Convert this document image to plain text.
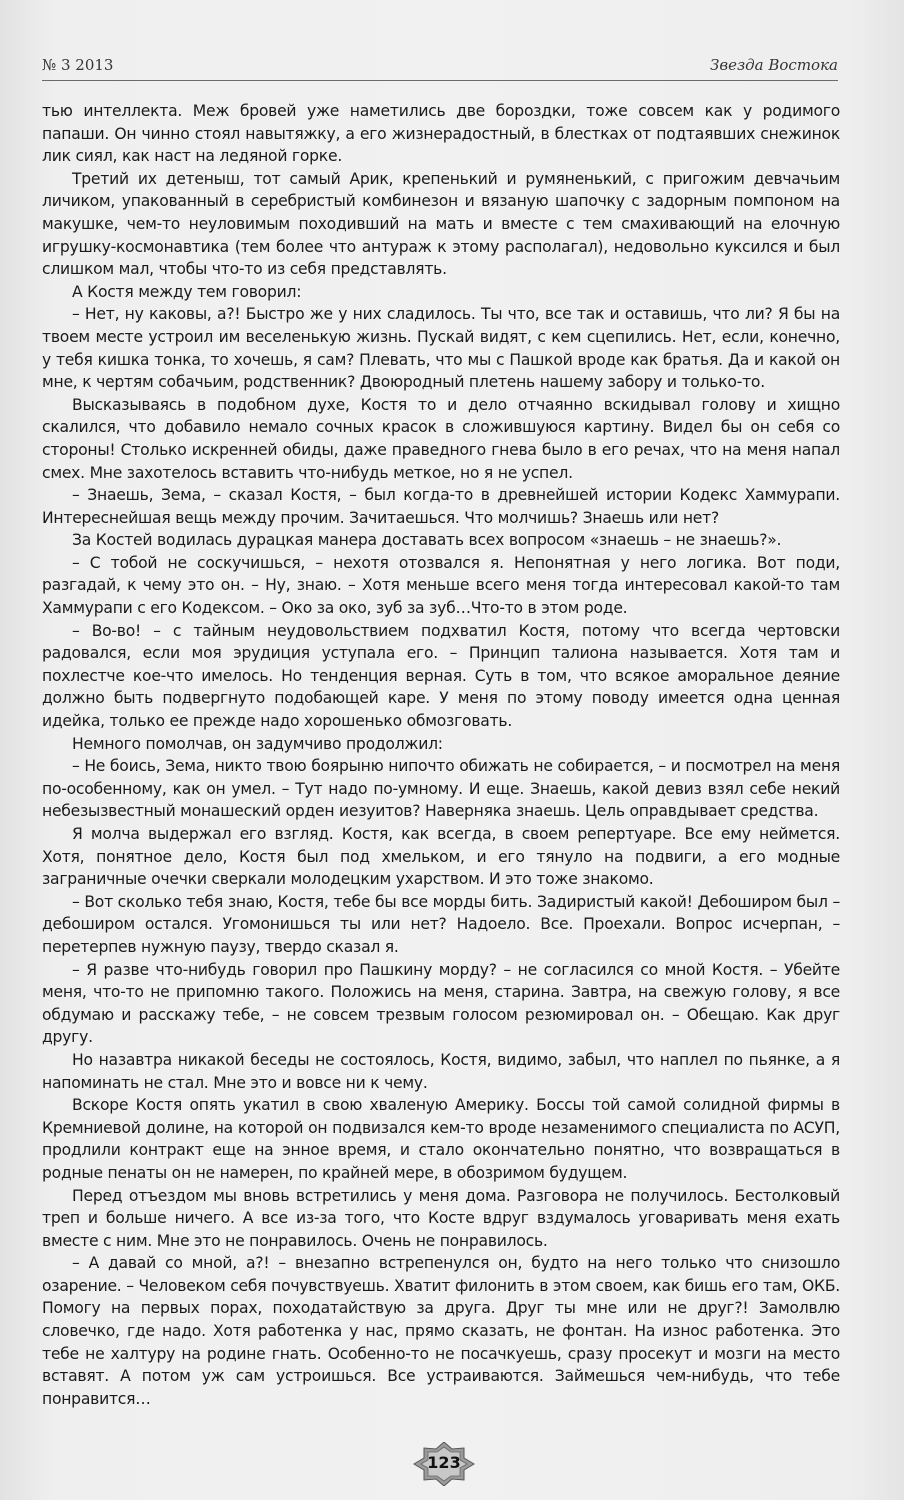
№ 3 2013	Звезда Востока

тью интеллекта. Меж бровей уже наметились две бороздки, тоже совсем как у родимого папаши. Он чинно стоял навытяжку, а его жизнерадостный, в блестках от подтаявших снежинок лик сиял, как наст на ледяной горке.

Третий их детеныш, тот самый Арик, крепенький и румяненький, с пригожим девчачьим личиком, упакованный в серебристый комбинезон и вязаную шапочку с задорным помпоном на макушке, чем-то неуловимым походивший на мать и вместе с тем смахивающий на елочную игрушку-космонавтика (тем более что антураж к этому располагал), недовольно куксился и был слишком мал, чтобы что-то из себя представлять.

А Костя между тем говорил:

– Нет, ну каковы, а?! Быстро же у них сладилось. Ты что, все так и оставишь, что ли? Я бы на твоем месте устроил им веселенькую жизнь. Пускай видят, с кем сцепились. Нет, если, конечно, у тебя кишка тонка, то хочешь, я сам? Плевать, что мы с Пашкой вроде как братья. Да и какой он мне, к чертям собачьим, родственник? Двоюродный плетень нашему забору и только-то.

Высказываясь в подобном духе, Костя то и дело отчаянно вскидывал голову и хищно скалился, что добавило немало сочных красок в сложившуюся картину. Видел бы он себя со стороны! Столько искренней обиды, даже праведного гнева было в его речах, что на меня напал смех. Мне захотелось вставить что-нибудь меткое, но я не успел.

– Знаешь, Зема, – сказал Костя, – был когда-то в древнейшей истории Кодекс Хаммурапи. Интереснейшая вещь между прочим. Зачитаешься. Что молчишь? Знаешь или нет?

За Костей водилась дурацкая манера доставать всех вопросом «знаешь – не знаешь?».

– С тобой не соскучишься, – нехотя отозвался я. Непонятная у него логика. Вот поди, разгадай, к чему это он. – Ну, знаю. – Хотя меньше всего меня тогда интересовал какой-то там Хаммурапи с его Кодексом. – Око за око, зуб за зуб…Что-то в этом роде.

– Во-во! – с тайным неудовольствием подхватил Костя, потому что всегда чертовски радовался, если моя эрудиция уступала его. – Принцип талиона называется. Хотя там и похлестче кое-что имелось. Но тенденция верная. Суть в том, что всякое аморальное деяние должно быть подвергнуто подобающей каре. У меня по этому поводу имеется одна ценная идейка, только ее прежде надо хорошенько обмозговать.

Немного помолчав, он задумчиво продолжил:

– Не боись, Зема, никто твою боярыню нипочто обижать не собирается, – и посмотрел на меня по-особенному, как он умел. – Тут надо по-умному. И еще. Знаешь, какой девиз взял себе некий небезызвестный монашеский орден иезуитов? Наверняка знаешь. Цель оправдывает средства.

Я молча выдержал его взгляд. Костя, как всегда, в своем репертуаре. Все ему неймется. Хотя, понятное дело, Костя был под хмельком, и его тянуло на подвиги, а его модные заграничные очечки сверкали молодецким ухарством. И это тоже знакомо.

– Вот сколько тебя знаю, Костя, тебе бы все морды бить. Задиристый какой! Дебоширом был – дебоширом остался. Угомонишься ты или нет? Надоело. Все. Проехали. Вопрос исчерпан, – перетерпев нужную паузу, твердо сказал я.

– Я разве что-нибудь говорил про Пашкину морду? – не согласился со мной Костя. – Убейте меня, что-то не припомню такого. Положись на меня, старина. Завтра, на свежую голову, я все обдумаю и расскажу тебе, – не совсем трезвым голосом резюмировал он. – Обещаю. Как друг другу.

Но назавтра никакой беседы не состоялось, Костя, видимо, забыл, что наплел по пьянке, а я напоминать не стал. Мне это и вовсе ни к чему.

Вскоре Костя опять укатил в свою хваленую Америку. Боссы той самой солидной фирмы в Кремниевой долине, на которой он подвизался кем-то вроде незаменимого специалиста по АСУП, продлили контракт еще на энное время, и стало окончательно понятно, что возвращаться в родные пенаты он не намерен, по крайней мере, в обозримом будущем.

Перед отъездом мы вновь встретились у меня дома. Разговора не получилось. Бестолковый треп и больше ничего. А все из-за того, что Косте вдруг вздумалось уговаривать меня ехать вместе с ним. Мне это не понравилось. Очень не понравилось.

– А давай со мной, а?! – внезапно встрепенулся он, будто на него только что снизошло озарение. – Человеком себя почувствуешь. Хватит филонить в этом своем, как бишь его там, ОКБ. Помогу на первых порах, походатайствую за друга. Друг ты мне или не друг?! Замолвлю словечко, где надо. Хотя работенка у нас, прямо сказать, не фонтан. На износ работенка. Это тебе не халтуру на родине гнать. Особенно-то не посачкуешь, сразу просекут и мозги на место вставят. А потом уж сам устроишься. Все устраиваются. Займешься чем-нибудь, что тебе понравится…

123
